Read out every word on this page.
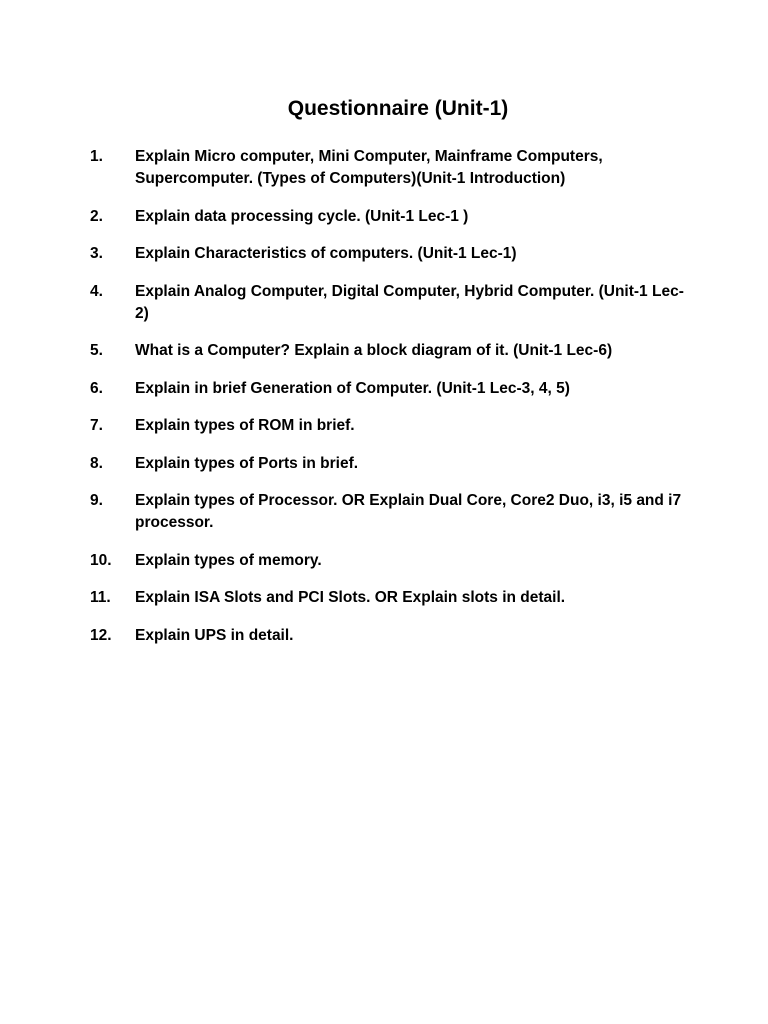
Questionnaire (Unit-1)
1.	Explain Micro computer, Mini Computer, Mainframe Computers, Supercomputer. (Types of Computers)(Unit-1 Introduction)
2.	Explain data processing cycle. (Unit-1 Lec-1 )
3.	Explain Characteristics of computers. (Unit-1 Lec-1)
4.	Explain Analog Computer, Digital Computer, Hybrid Computer. (Unit-1 Lec-2)
5.	What is a Computer? Explain a block diagram of it. (Unit-1 Lec-6)
6.	Explain in brief Generation of Computer. (Unit-1 Lec-3, 4, 5)
7.	Explain types of ROM in brief.
8.	Explain types of Ports in brief.
9.	Explain types of Processor. OR Explain Dual Core, Core2 Duo, i3, i5 and i7 processor.
10.	Explain types of memory.
11.	Explain ISA Slots and PCI Slots. OR Explain slots in detail.
12.	Explain UPS in detail.
